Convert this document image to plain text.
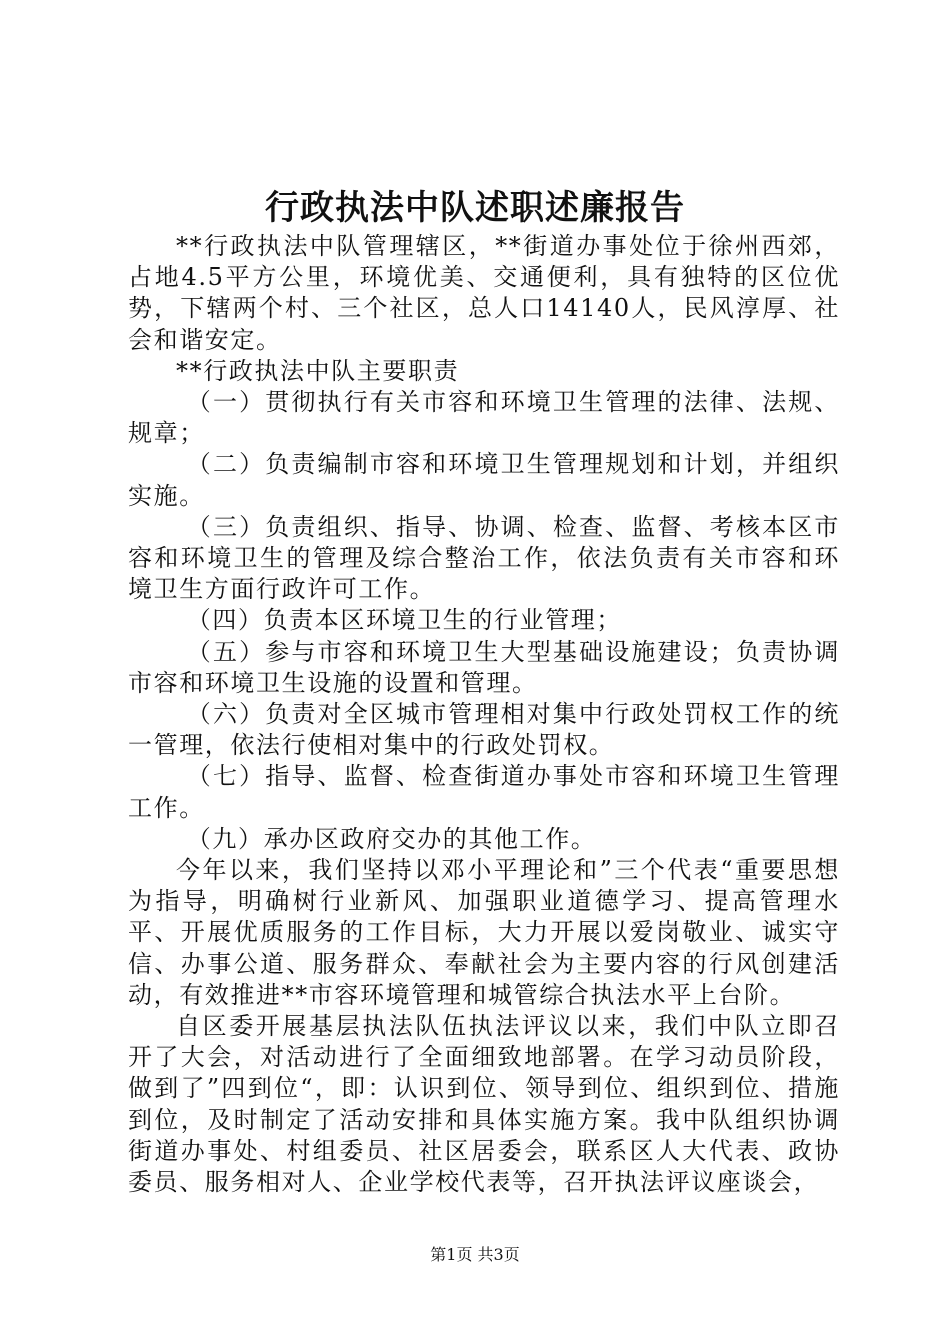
行政执法中队述职述廉报告

**行政执法中队管理辖区，**街道办事处位于徐州西郊，占地4.5平方公里，环境优美、交通便利，具有独特的区位优势，下辖两个村、三个社区，总人口14140人，民风淳厚、社会和谐安定。

**行政执法中队主要职责

（一）贯彻执行有关市容和环境卫生管理的法律、法规、规章；

（二）负责编制市容和环境卫生管理规划和计划，并组织实施。

（三）负责组织、指导、协调、检查、监督、考核本区市容和环境卫生的管理及综合整治工作，依法负责有关市容和环境卫生方面行政许可工作。

（四）负责本区环境卫生的行业管理；

（五）参与市容和环境卫生大型基础设施建设；负责协调市容和环境卫生设施的设置和管理。

（六）负责对全区城市管理相对集中行政处罚权工作的统一管理，依法行使相对集中的行政处罚权。

（七）指导、监督、检查街道办事处市容和环境卫生管理工作。

（九）承办区政府交办的其他工作。

今年以来，我们坚持以邓小平理论和”三个代表“重要思想为指导，明确树行业新风、加强职业道德学习、提高管理水平、开展优质服务的工作目标，大力开展以爱岗敬业、诚实守信、办事公道、服务群众、奉献社会为主要内容的行风创建活动，有效推进**市容环境管理和城管综合执法水平上台阶。

自区委开展基层执法队伍执法评议以来，我们中队立即召开了大会，对活动进行了全面细致地部署。在学习动员阶段，做到了”四到位“，即：认识到位、领导到位、组织到位、措施到位，及时制定了活动安排和具体实施方案。我中队组织协调街道办事处、村组委员、社区居委会，联系区人大代表、政协委员、服务相对人、企业学校代表等，召开执法评议座谈会，

第1页 共3页
